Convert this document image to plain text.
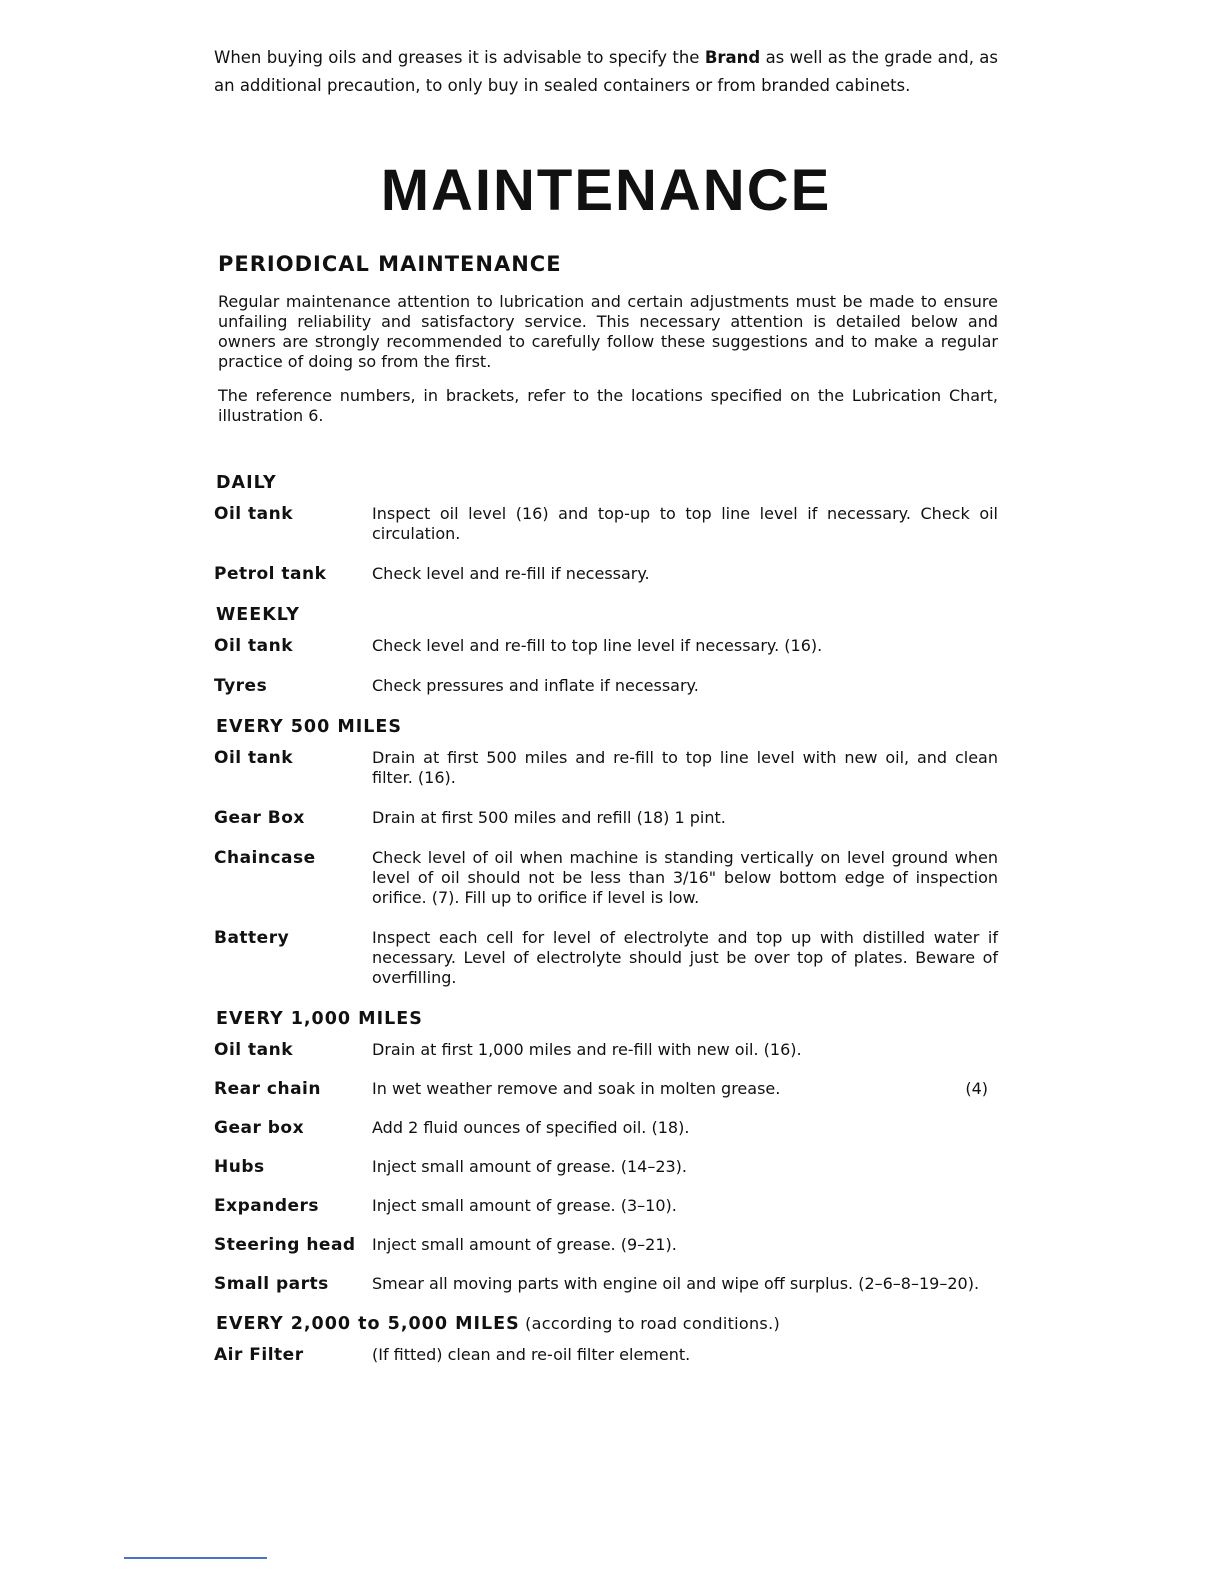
When buying oils and greases it is advisable to specify the Brand as well as the grade and, as an additional precaution, to only buy in sealed containers or from branded cabinets.

MAINTENANCE
PERIODICAL MAINTENANCE

Regular maintenance attention to lubrication and certain adjustments must be made to ensure unfailing reliability and satisfactory service. This necessary attention is detailed below and owners are strongly recommended to carefully follow these suggestions and to make a regular practice of doing so from the first.

The reference numbers, in brackets, refer to the locations specified on the Lubrication Chart, illustration 6.

DAILY
Oil tank	Inspect oil level (16) and top-up to top line level if necessary. Check oil circulation.
Petrol tank	Check level and re-fill if necessary.
WEEKLY
Oil tank	Check level and re-fill to top line level if necessary. (16).
Tyres	Check pressures and inflate if necessary.
EVERY 500 MILES
Oil tank	Drain at first 500 miles and re-fill to top line level with new oil, and clean filter. (16).
Gear Box	Drain at first 500 miles and refill (18) 1 pint.
Chaincase	Check level of oil when machine is standing vertically on level ground when level of oil should not be less than 3/16" below bottom edge of inspection orifice. (7). Fill up to orifice if level is low.
Battery	Inspect each cell for level of electrolyte and top up with distilled water if necessary. Level of electrolyte should just be over top of plates. Beware of overfilling.
EVERY 1,000 MILES
Oil tank	Drain at first 1,000 miles and re-fill with new oil. (16).
Rear chain	In wet weather remove and soak in molten grease.	(4)
Gear box	Add 2 fluid ounces of specified oil. (18).
Hubs	Inject small amount of grease. (14–23).
Expanders	Inject small amount of grease. (3–10).
Steering head	Inject small amount of grease. (9–21).
Small parts	Smear all moving parts with engine oil and wipe off surplus. (2–6–8–19–20).
EVERY 2,000 to 5,000 MILES (according to road conditions.)
Air Filter	(If fitted) clean and re-oil filter element.
